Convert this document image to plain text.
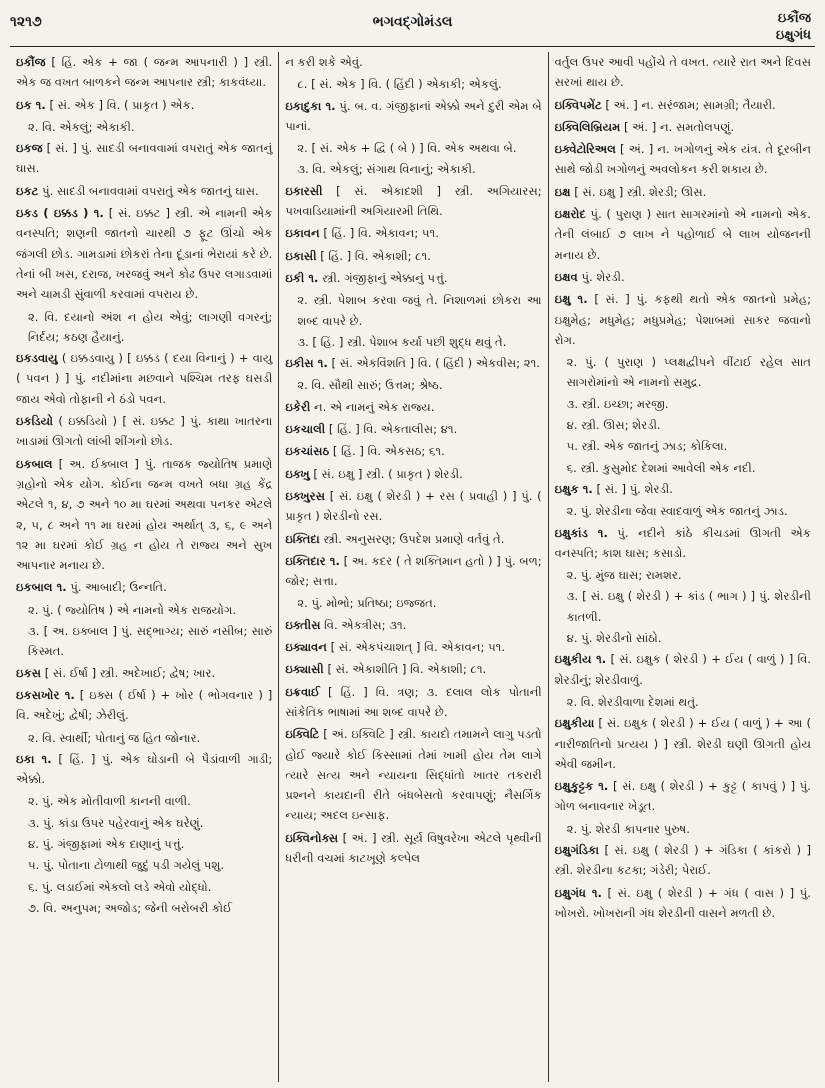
૧૨૧૭	ભગવદ્ગોમંડલ	ઇકૌંજ
ઇક્ષુગંધ
ઇકૌંજ [ હિં. એક + જા ( જન્મ આપનારી ) ] સ્ત્રી. એક જ વખત બાળકને જન્મ આપનાર સ્ત્રી; કાકવંધ્યા.
ઇક ૧. [ સં. એક ] વિ. ( પ્રાકૃત ) એક.
૨. વિ. એકલું; એકાકી.
ઇકજ [ સં. ] પું. સાદડી બનાવવામાં વપરાતું એક જાતનું ઘાસ.
ઇકટ પું. સાદડી બનાવવામાં વપરાતું એક જાતનું ઘાસ.
ઇકડ ( ઇક્કડ ) ૧. [ સં. ઇક્કટ ] સ્ત્રી. એ નામની એક વનસ્પતિ; શણની જાતનો ચારથી ૭ ફૂટ ઊંચો એક જંગલી છોડ. ગામડામાં છોકરાં તેના દૂંડાનાં ભેરાયાં કરે છે. તેનાં બી ખસ, દરાજ, ખરજવું અને કોઢ ઉપર લગાડવામાં અને ચામડી સુંવાળી કરવામાં વપરાય છે.
૨. વિ. દયાનો અંશ ન હોય એવું; લાગણી વગરનું; નિર્દય; કઠણ હૈયાનું.
ઇકડવાયુ ( ઇક્કડવાયુ ) [ ઇક્કડ ( દયા વિનાનું ) + વાયુ ( પવન ) ] પું. નદીમાંના મછવાને પશ્ચિમ તરફ ઘસડી જાય એવો તોફાની ને ઠંડો પવન.
ઇકડિયો ( ઇક્કડિયો ) [ સં. ઇક્કટ ] પું. કાથા ખાતરના ખાડામાં ઊગતો લાંબી શીંગનો છોડ.
ઇકબાલ [ અ. ઈક્બાલ ] પું. તાજક જ્યોતિષ પ્રમાણે ગ્રહોનો એક યોગ. કોઈના જન્મ વખતે બધા ગ્રહ કેંદ્ર એટલે ૧, ૪, ૭ અને ૧૦ મા ઘરમાં અથવા પનકર એટલે ૨, ૫, ૮ અને ૧૧ મા ઘરમાં હોય અર્થાત્ ૩, ૬, ૯ અને ૧૨ મા ઘરમાં કોઈ ગ્રહ ન હોય તે રાજ્ય અને સુખ આપનાર મનાય છે.
ઇકબાલ ૧. પું. આબાદી; ઉન્નતિ.
૨. પું. ( જ્યોતિષ ) એ નામનો એક રાજયોગ.
૩. [ અ. ઇક્બાલ ] પું. સદ્ભાગ્ય; સારું નસીબ; સારું કિસ્મત.
ઇકસ [ સં. ઈર્ષા ] સ્ત્રી. અદેખાઈ; દ્વેષ; ખાર.
ઇકસખોર ૧. [ ઇક્સ ( ઈર્ષા ) + ખોર ( ભોગવનાર ) ] વિ. અદેખું; દ્વેષી; ઝેરીલું.
૨. વિ. સ્વાર્થી; પોતાનું જ હિત જોનાર.
ઇકા ૧. [ હિં. ] પું. એક ઘોડાની બે પૈડાંવાળી ગાડી; એક્કો.
૨. પું. એક મોતીવાળી કાનની વાળી.
૩. પું. કાંડા ઉપર પહેરવાનું એક ઘરેણું.
૪. પું. ગંજીફામાં એક દાણાનું પત્તું.
૫. પું. પોતાના ટોળાથી જુદું પડી ગયેલું પશુ.
૬. પું. લડાઈમાં એકલો લડે એવો યોદ્ધો.
૭. વિ. અનુપમ; અજોડ; જેની બરોબરી કોઈ
ન કરી શકે એવું.
૮. [ સં. એક ] વિ. ( હિંદી ) એકાકી; એકલું.
ઇકાદુકા ૧. પું. બ. વ. ગંજીફાનાં એક્કો અને દુરી એમ બે પાનાં.
૨. [ સં. એક + દ્વિ ( બે ) ] વિ. એક અથવા બે.
૩. વિ. એકલું; સંગાથ વિનાનું; એકાકી.
ઇકારસી [ સં. એકાદશી ] સ્ત્રી. અગિયારસ; પખવાડિયામાંની અગિયારમી તિથિ.
ઇકાવન [ હિં. ] વિ. એકાવન; ૫૧.
ઇકાસી [ હિં. ] વિ. એકાશી; ૮૧.
ઇકી ૧. સ્ત્રી. ગંજીફાનું એક્કાનું પત્તું.
૨. સ્ત્રી. પેશાબ કરવા જવું તે. નિશાળમાં છોકરા આ શબ્દ વાપરે છે.
૩. [ હિં. ] સ્ત્રી. પેશાબ કર્યા પછી શુદ્ધ થવું તે.
ઇકીસ ૧. [ સં. એકવિંશતિ ] વિ. ( હિંદી ) એકવીસ; ૨૧.
૨. વિ. સૌથી સારું; ઉત્તમ; શ્રેષ્ઠ.
ઇકેરી ન. એ નામનું એક રાજ્ય.
ઇકચાલી [ હિં. ] વિ. એકતાલીસ; ૪૧.
ઇકચાંસઠ [ હિં. ] વિ. એકસઠ; ૬૧.
ઇક્ખુ [ સં. ઇક્ષુ ] સ્ત્રી. ( પ્રાકૃત ) શેરડી.
ઇક્ખુરસ [ સં. ઇક્ષુ ( શેરડી ) + રસ ( પ્રવાહી ) ] પું. ( પ્રાકૃત ) શેરડીનો રસ.
ઇક્તિદા સ્ત્રી. અનુસરણ; ઉપદેશ પ્રમાણે વર્તવું તે.
ઇક્તિદાર ૧. [ અ. કદર ( તે શક્તિમાન હતો ) ] પું. બળ; જોર; સત્તા.
૨. પું. મોભો; પ્રતિષ્ઠા; ઇજ્જત.
ઇક્તીસ વિ. એકત્રીસ; ૩૧.
ઇક્યાવન [ સં. એકપંચાશત્ ] વિ. એકાવન; ૫૧.
ઇક્યાસી [ સં. એકાશીતિ ] વિ. એકાશી; ૮૧.
ઇક્રવાઈ [ હિં. ] વિ. ત્રણ; ૩. દલાલ લોક પોતાની સાંકેતિક ભાષામાં આ શબ્દ વાપરે છે.
ઇક્વિટિ [ અં. ઇક્વિટિ ] સ્ત્રી. કાયદો તમામને લાગુ પડતો હોઈ જ્યારે કોઈ કિસ્સામાં તેમાં ખામી હોય તેમ લાગે ત્યારે સત્ય અને ન્યાયના સિદ્ધાંતો ખાતર તકરારી પ્રશ્નને કાયદાની રીતે બંધબેસતો કરવાપણું; નૈસર્ગિક ન્યાય; અદલ ઇન્સાફ.
ઇક્વિનોક્સ [ અં. ] સ્ત્રી. સૂર્ય વિષુવરેખા એટલે પૃથ્વીની ધરીની વચમાં કાટખૂણે કલ્પેલ
વર્તુલ ઉપર આવી પહોંચે તે વખત. ત્યારે રાત અને દિવસ સરખાં થાય છે.
ઇક્વિપમેંટ [ અં. ] ન. સરંજામ; સામગ્રી; તૈયારી.
ઇક્વિલિબ્રિયમ [ અં. ] ન. સમતોલપણું.
ઇક્વેટોરિઅલ [ અં. ] ન. ખગોળનું એક યંત્ર. તે દૂરબીન સાથે જોડી ખગોળનું અવલોકન કરી શકાય છે.
ઇક્ષ [ સં. ઇક્ષુ ] સ્ત્રી. શેરડી; ઊસ.
ઇક્ષરોદ પું. ( પુરાણ ) સાત સાગરમાંનો એ નામનો એક. તેની લંબાઈ ૭ લાખ ને પહોળાઈ બે લાખ યોજનની મનાય છે.
ઇક્ષવ પું. શેરડી.
ઇક્ષુ ૧. [ સં. ] પું. કફથી થતો એક જાતનો પ્રમેહ; ઇક્ષુમેહ; મધુમેહ; મધુપ્રમેહ; પેશાબમાં સાકર જવાનો રોગ.
૨. પું. ( પુરાણ ) પ્લક્ષદ્વીપને વીંટાઈ રહેલ સાત સાગરોમાંનો એ નામનો સમુદ્ર.
૩. સ્ત્રી. ઇચ્છા; મરજી.
૪. સ્ત્રી. ઊસ; શેરડી.
૫. સ્ત્રી. એક જાતનું ઝાડ; કોકિલા.
૬. સ્ત્રી. કુસુમોદ દેશમાં આવેલી એક નદી.
ઇક્ષુક ૧. [ સં. ] પું. શેરડી.
૨. પું. શેરડીના જેવા સ્વાદવાળું એક જાતનું ઝાડ.
ઇક્ષુકાંડ ૧. પું. નદીને કાંઠે કીચડમાં ઊગતી એક વનસ્પતિ; કાશ ઘાસ; કસાડો.
૨. પું. મુંજ ઘાસ; રામશર.
૩. [ સં. ઇક્ષુ ( શેરડી ) + કાંડ ( ભાગ ) ] પું. શેરડીની કાતળી.
૪. પું. શેરડીનો સાંઠો.
ઇક્ષુકીય ૧. [ સં. ઇક્ષુક ( શેરડી ) + ઈય ( વાળું ) ] વિ. શેરડીનું; શેરડીવાળું.
૨. વિ. શેરડીવાળા દેશમાં થતું.
ઇક્ષુકીયા [ સં. ઇક્ષુક ( શેરડી ) + ઈય ( વાળું ) + આ ( નારીજાતિનો પ્રત્યય ) ] સ્ત્રી. શેરડી ઘણી ઊગતી હોય એવી જમીન.
ઇક્ષુકુટ્ટક ૧. [ સં. ઇક્ષુ ( શેરડી ) + કુટ્ટ ( કાપવું ) ] પું. ગોળ બનાવનાર ખેડૂત.
૨. પું. શેરડી કાપનાર પુરુષ.
ઇક્ષુગંડિકા [ સં. ઇક્ષુ ( શેરડી ) + ગંડિકા ( કાંકરો ) ] સ્ત્રી. શેરડીના કટકા; ગંડેરી; પેરાઈ.
ઇક્ષુગંધ ૧. [ સં. ઇક્ષુ ( શેરડી ) + ગંધ ( વાસ ) ] પું. ખોખરો. ખોખરાની ગંધ શેરડીની વાસને મળતી છે.
